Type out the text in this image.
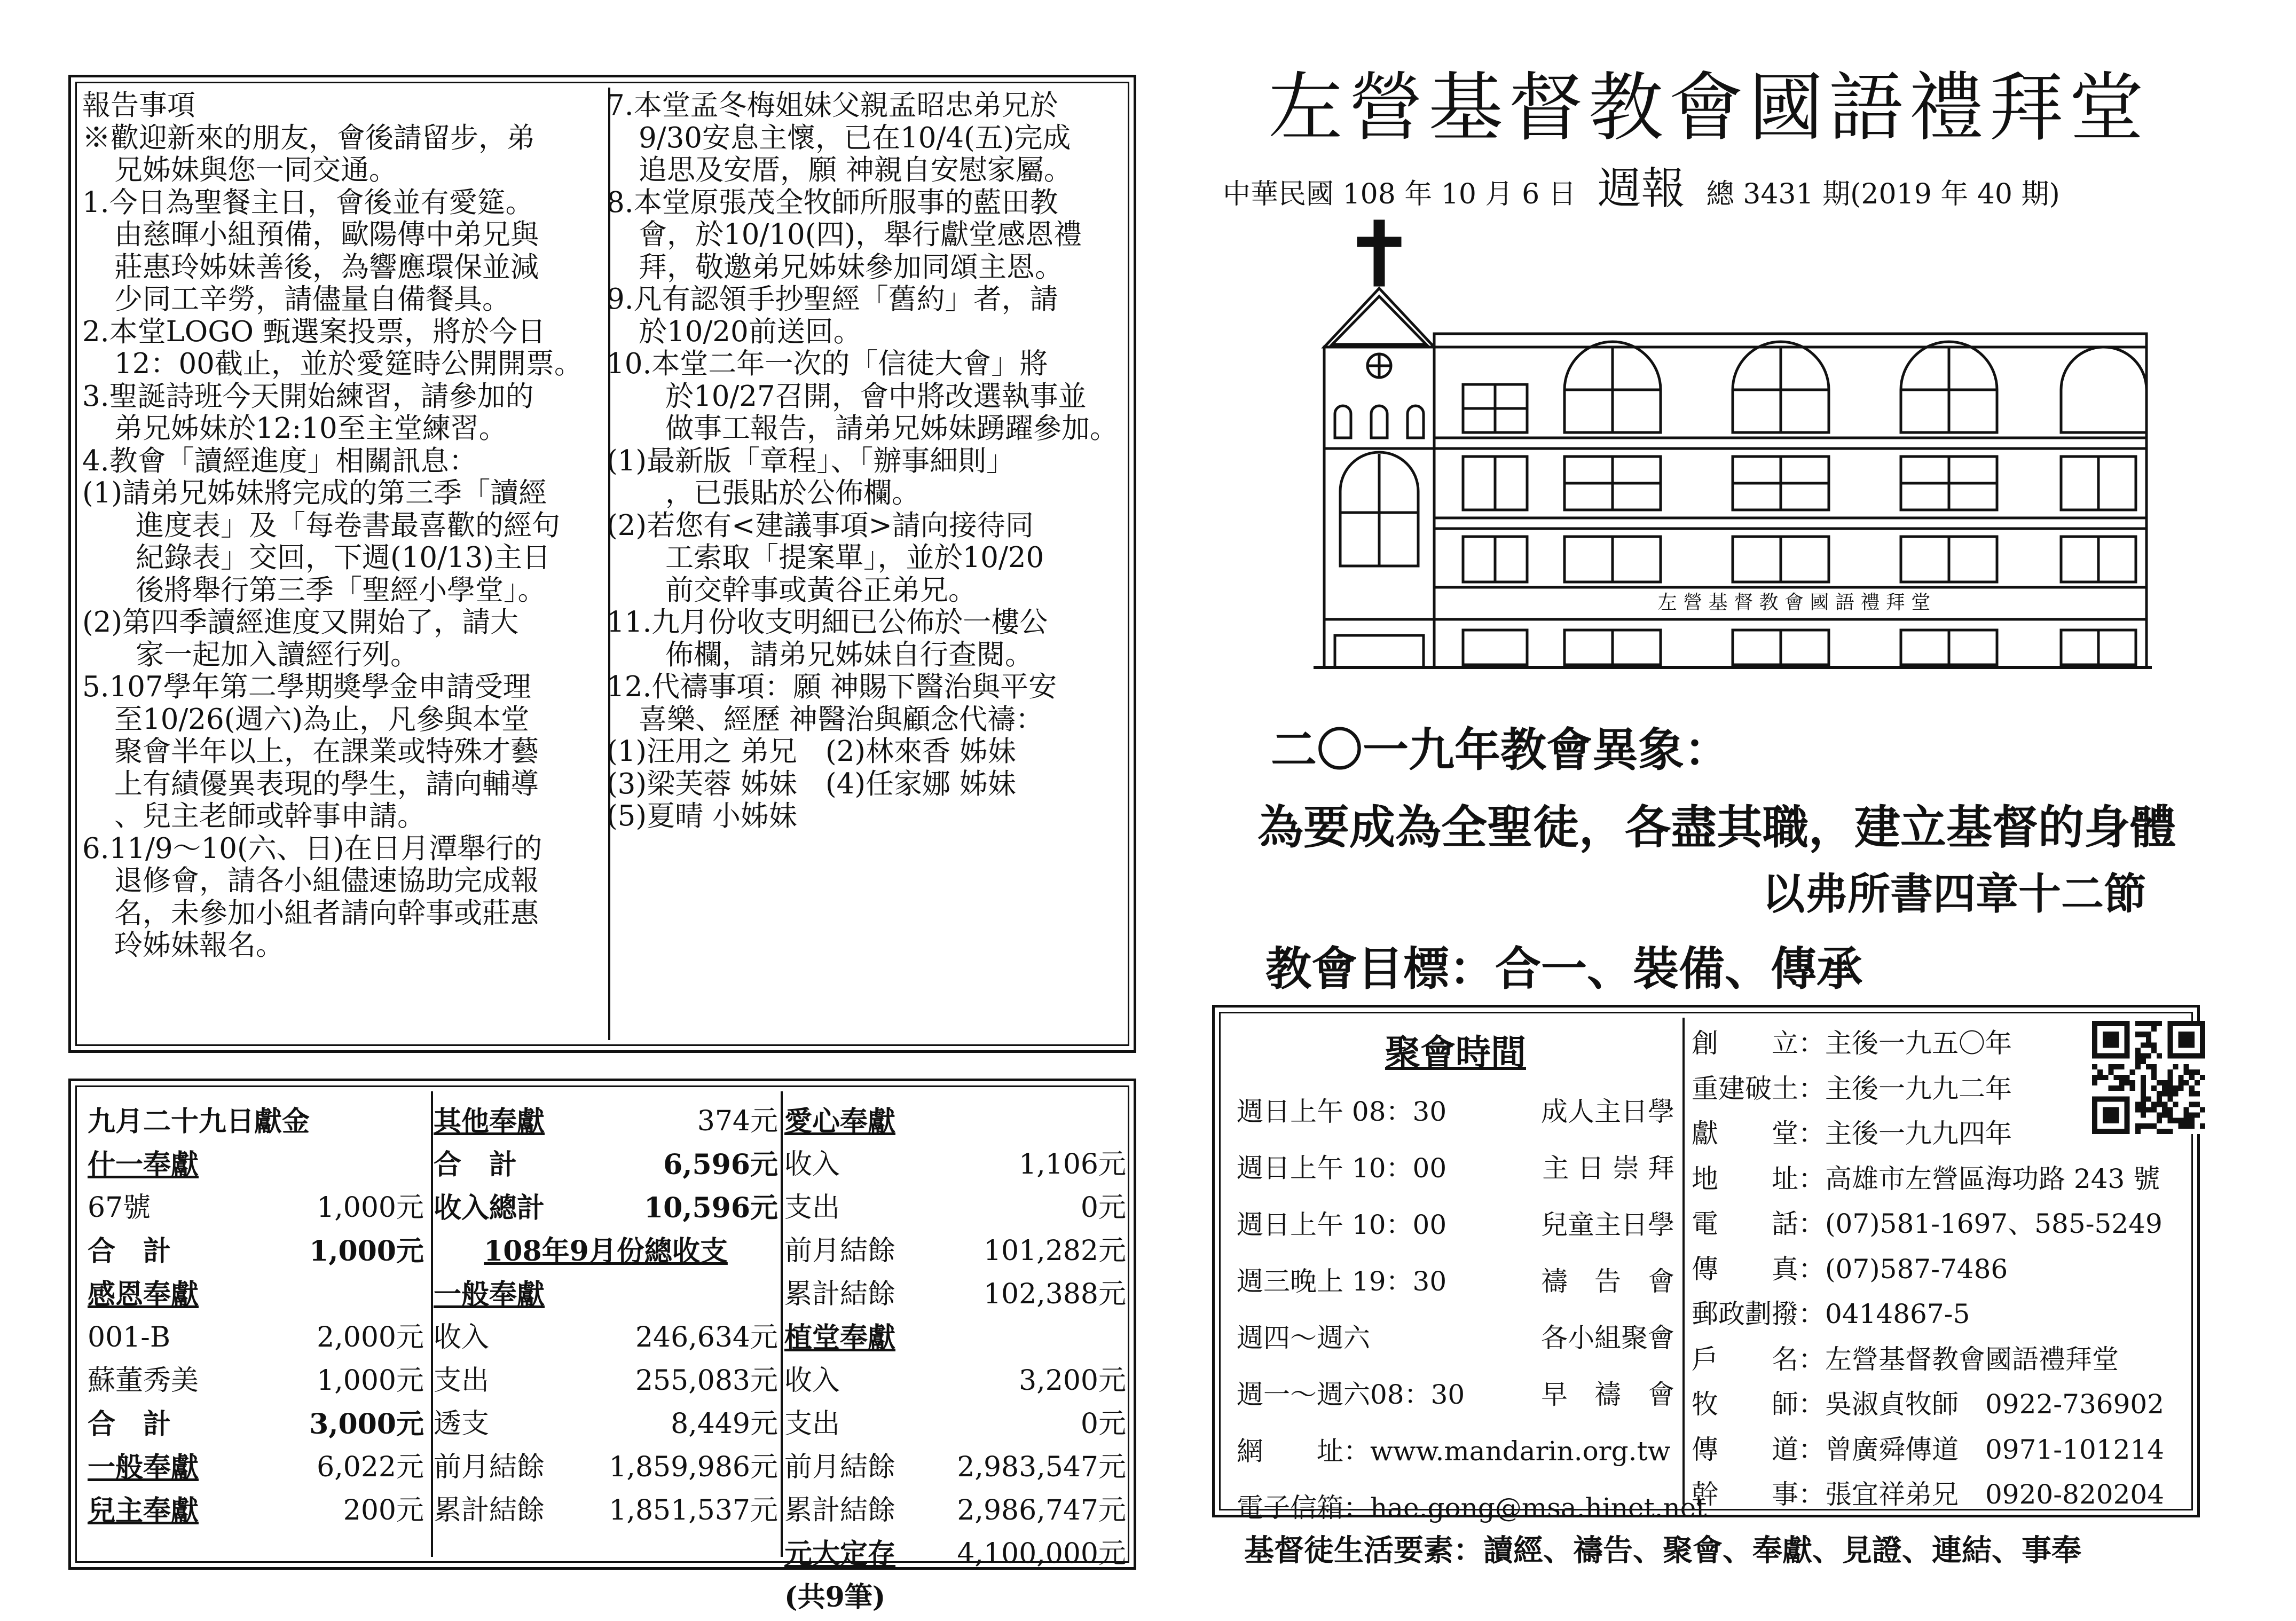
報告事項
※歡迎新來的朋友，會後請留步，弟
兄姊妹與您一同交通。
1.今日為聖餐主日，會後並有愛筵。
由慈暉小組預備，歐陽傳中弟兄與
莊惠玲姊妹善後，為響應環保並減
少同工辛勞，請儘量自備餐具。
2.本堂LOGO 甄選案投票，將於今日
12：00截止，並於愛筵時公開開票。
3.聖誕詩班今天開始練習，請參加的
弟兄姊妹於12:10至主堂練習。
4.教會「讀經進度」相關訊息：
(1)請弟兄姊妹將完成的第三季「讀經
進度表」及「每卷書最喜歡的經句
紀錄表」交回，下週(10/13)主日
後將舉行第三季「聖經小學堂」。
(2)第四季讀經進度又開始了，請大
家一起加入讀經行列。
5.107學年第二學期獎學金申請受理
至10/26(週六)為止，凡參與本堂
聚會半年以上，在課業或特殊才藝
上有績優異表現的學生，請向輔導
、兒主老師或幹事申請。
6.11/9～10(六、日)在日月潭舉行的
退修會，請各小組儘速協助完成報
名，未參加小組者請向幹事或莊惠
玲姊妹報名。
7.本堂孟冬梅姐妹父親孟昭忠弟兄於
9/30安息主懷，已在10/4(五)完成
追思及安厝，願 神親自安慰家屬。
8.本堂原張茂全牧師所服事的藍田教
會，於10/10(四)，舉行獻堂感恩禮
拜，敬邀弟兄姊妹參加同頌主恩。
9.凡有認領手抄聖經「舊約」者，請
於10/20前送回。
10.本堂二年一次的「信徒大會」將
於10/27召開，會中將改選執事並
做事工報告，請弟兄姊妹踴躍參加。
(1)最新版「章程」、「辦事細則」
，已張貼於公佈欄。
(2)若您有<建議事項>請向接待同
工索取「提案單」，並於10/20
前交幹事或黃谷正弟兄。
11.九月份收支明細已公佈於一樓公
佈欄，請弟兄姊妹自行查閱。
12.代禱事項：願 神賜下醫治與平安
喜樂、經歷 神醫治與顧念代禱：
(1)汪用之 弟兄　(2)林來香 姊妹
(3)梁芙蓉 姊妹　(4)任家娜 姊妹
(5)夏晴 小姊妹
九月二十九日獻金
什一奉獻
67號	1,000元
合　計	1,000元
感恩奉獻
001-B	2,000元
蘇董秀美	1,000元
合　計	3,000元
一般奉獻	6,022元
兒主奉獻	200元
其他奉獻	374元
合　計	6,596元
收入總計	10,596元
108年9月份總收支
一般奉獻
收入	246,634元
支出	255,083元
透支	8,449元
前月結餘 1,859,986元
累計結餘 1,851,537元
愛心奉獻
收入	1,106元
支出	0元
前月結餘	101,282元
累計結餘	102,388元
植堂奉獻
收入	3,200元
支出	0元
前月結餘 2,983,547元
累計結餘 2,986,747元
元大定存 4,100,000元
(共9筆)
左營基督教會國語禮拜堂
中華民國 108 年 10 月 6 日 週報 總 3431 期(2019 年 40 期)
左 營 基 督 教 會 國 語 禮 拜 堂
二〇一九年教會異象：
為要成為全聖徒，各盡其職，建立基督的身體
以弗所書四章十二節
教會目標：合一、裝備、傳承
聚會時間
週日上午 08：30	成人主日學
週日上午 10：00	主 日 崇 拜
週日上午 10：00	兒童主日學
週三晚上 19：30	禱　告　會
週四～週六	各小組聚會
週一～週六08：30	早　禱　會
網　　址：www.mandarin.org.tw
電子信箱：hae.gong@msa.hinet.net
創　　立：主後一九五〇年
重建破土：主後一九九二年
獻　　堂：主後一九九四年
地　　址：高雄市左營區海功路 243 號
電　　話：(07)581-1697、585-5249
傳　　真：(07)587-7486
郵政劃撥：0414867-5
戶　　名：左營基督教會國語禮拜堂
牧　　師：吳淑貞牧師　0922-736902
傳　　道：曾廣舜傳道　0971-101214
幹　　事：張宜祥弟兄　0920-820204
基督徒生活要素：讀經、禱告、聚會、奉獻、見證、連結、事奉
